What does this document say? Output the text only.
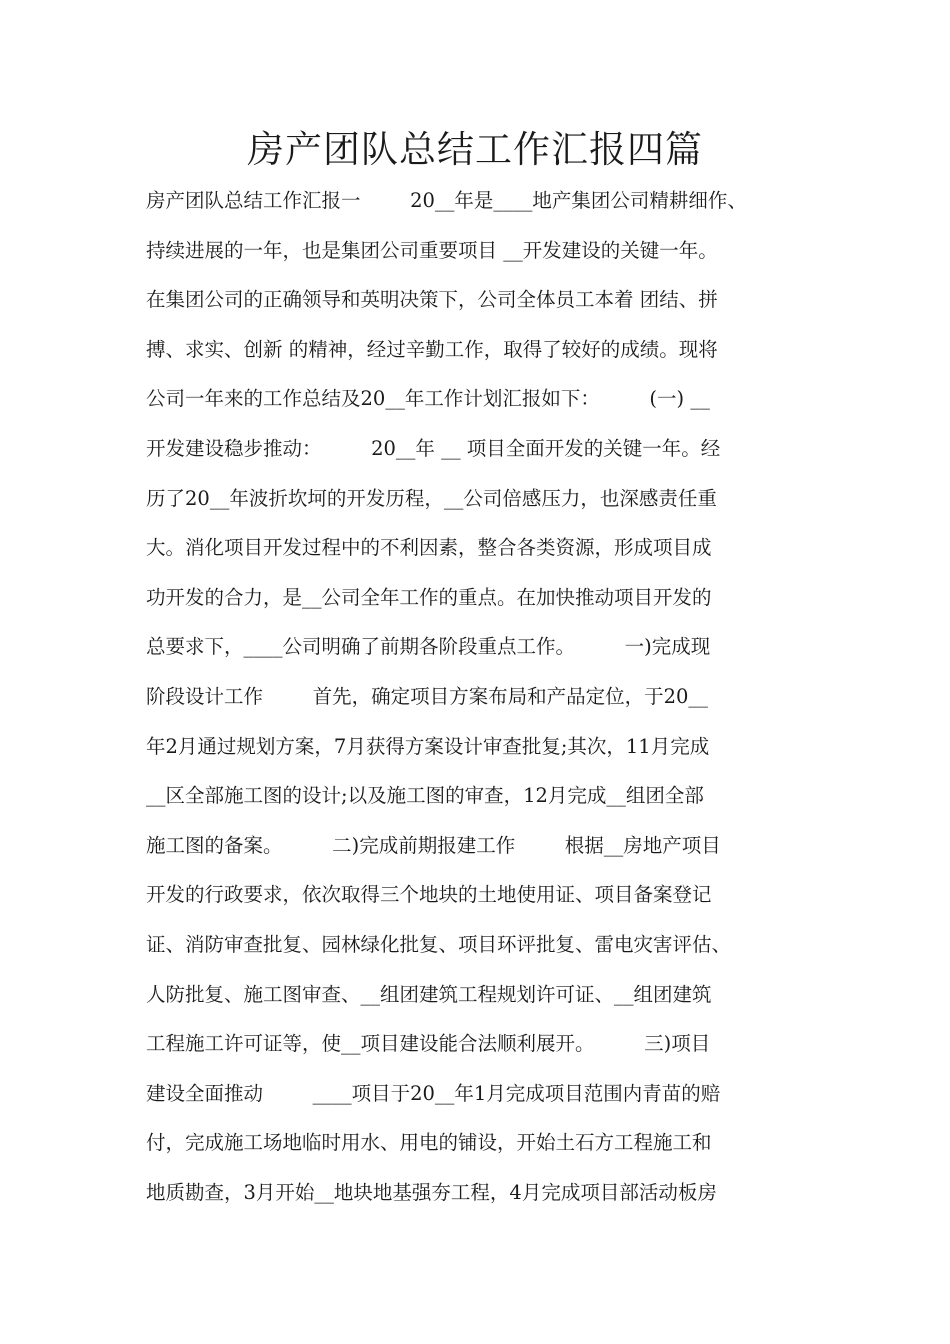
房产团队总结工作汇报四篇
房产团队总结工作汇报一        20__年是____地产集团公司精耕细作、
持续进展的一年，也是集团公司重要项目 __开发建设的关键一年。
在集团公司的正确领导和英明决策下，公司全体员工本着 团结、拼
搏、求实、创新 的精神，经过辛勤工作，取得了较好的成绩。现将
公司一年来的工作总结及20__年工作计划汇报如下：        (一) __
开发建设稳步推动：        20__年 __ 项目全面开发的关键一年。经
历了20__年波折坎坷的开发历程，__公司倍感压力，也深感责任重
大。消化项目开发过程中的不利因素，整合各类资源，形成项目成
功开发的合力，是__公司全年工作的重点。在加快推动项目开发的
总要求下，____公司明确了前期各阶段重点工作。        一)完成现
阶段设计工作        首先，确定项目方案布局和产品定位，于20__
年2月通过规划方案，7月获得方案设计审查批复;其次，11月完成
__区全部施工图的设计;以及施工图的审查，12月完成__组团全部
施工图的备案。        二)完成前期报建工作        根据__房地产项目
开发的行政要求，依次取得三个地块的土地使用证、项目备案登记
证、消防审查批复、园林绿化批复、项目环评批复、雷电灾害评估、
人防批复、施工图审查、__组团建筑工程规划许可证、__组团建筑
工程施工许可证等，使__项目建设能合法顺利展开。        三)项目
建设全面推动        ____项目于20__年1月完成项目范围内青苗的赔
付，完成施工场地临时用水、用电的铺设，开始土石方工程施工和
地质勘查，3月开始__地块地基强夯工程，4月完成项目部活动板房
